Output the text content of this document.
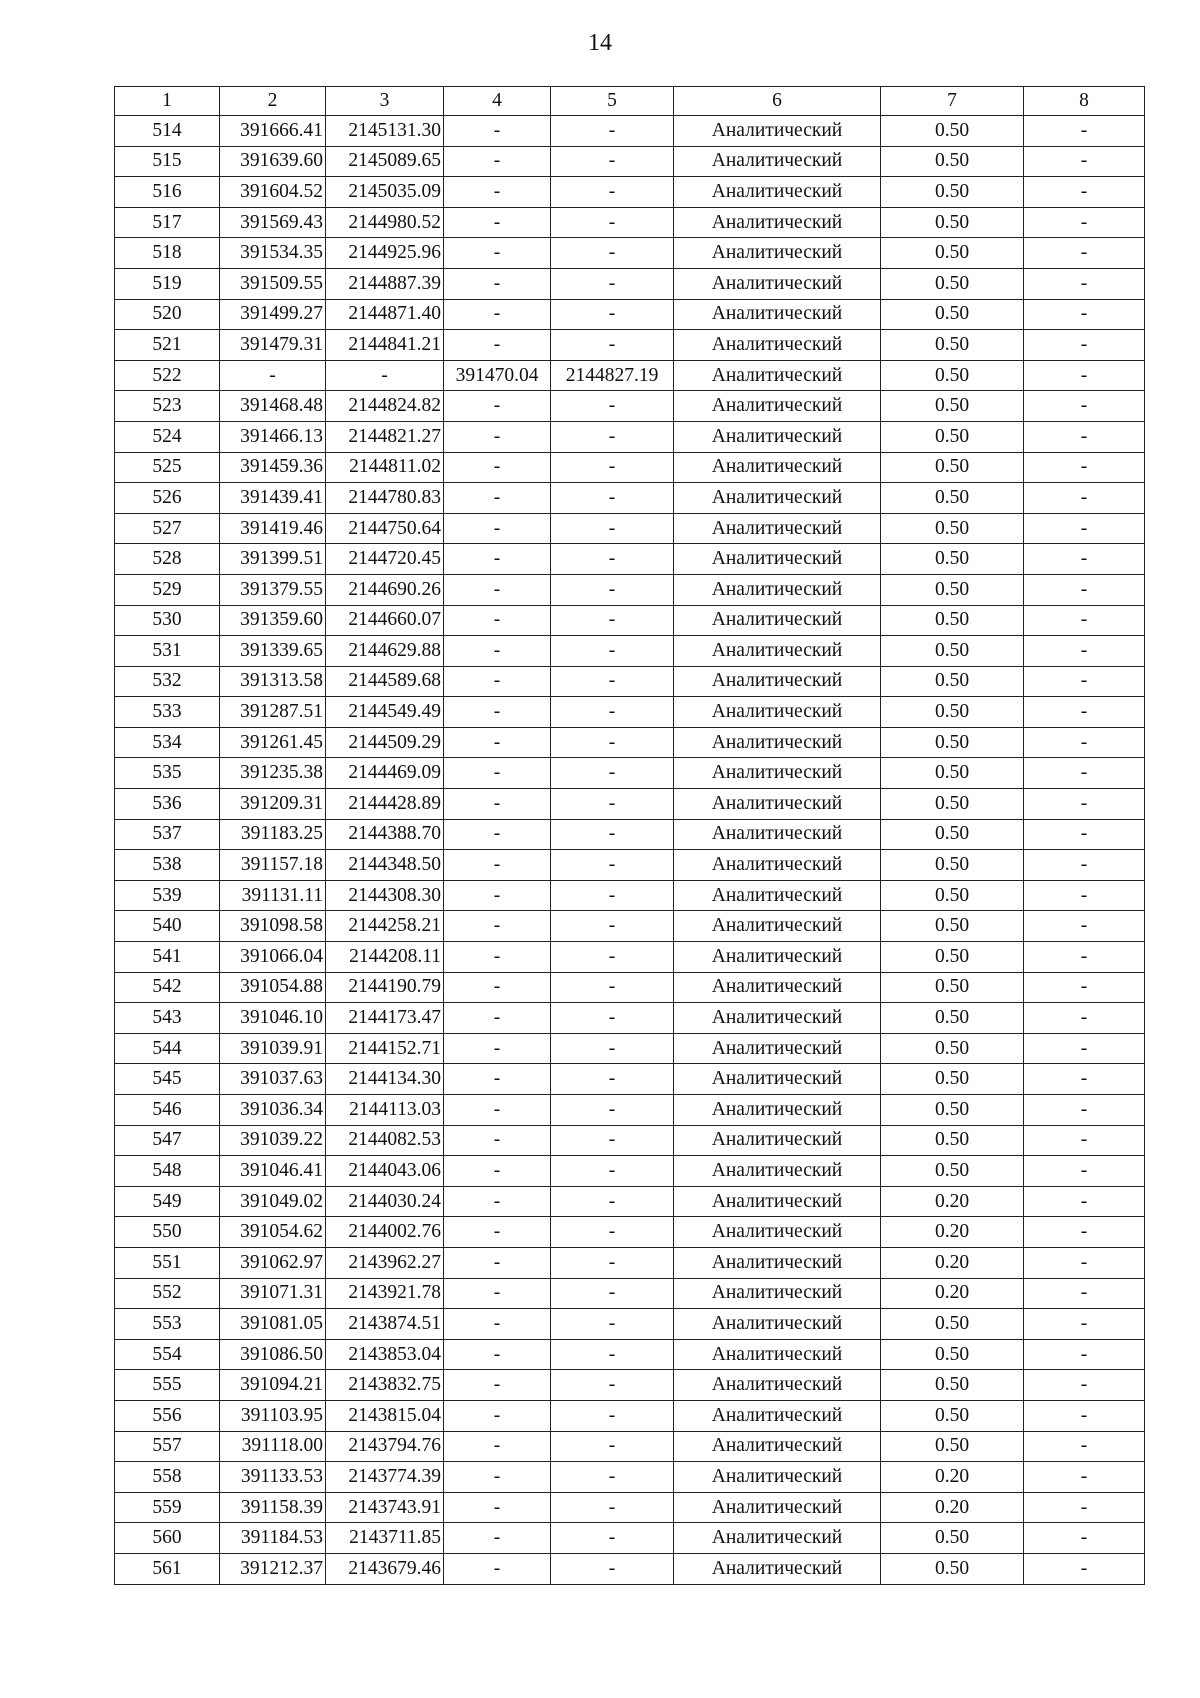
14
1	2	3	4	5	6	7	8
514	391666.41	2145131.30	-	-	Аналитический	0.50	-
515	391639.60	2145089.65	-	-	Аналитический	0.50	-
516	391604.52	2145035.09	-	-	Аналитический	0.50	-
517	391569.43	2144980.52	-	-	Аналитический	0.50	-
518	391534.35	2144925.96	-	-	Аналитический	0.50	-
519	391509.55	2144887.39	-	-	Аналитический	0.50	-
520	391499.27	2144871.40	-	-	Аналитический	0.50	-
521	391479.31	2144841.21	-	-	Аналитический	0.50	-
522	-	-	391470.04	2144827.19	Аналитический	0.50	-
523	391468.48	2144824.82	-	-	Аналитический	0.50	-
524	391466.13	2144821.27	-	-	Аналитический	0.50	-
525	391459.36	2144811.02	-	-	Аналитический	0.50	-
526	391439.41	2144780.83	-	-	Аналитический	0.50	-
527	391419.46	2144750.64	-	-	Аналитический	0.50	-
528	391399.51	2144720.45	-	-	Аналитический	0.50	-
529	391379.55	2144690.26	-	-	Аналитический	0.50	-
530	391359.60	2144660.07	-	-	Аналитический	0.50	-
531	391339.65	2144629.88	-	-	Аналитический	0.50	-
532	391313.58	2144589.68	-	-	Аналитический	0.50	-
533	391287.51	2144549.49	-	-	Аналитический	0.50	-
534	391261.45	2144509.29	-	-	Аналитический	0.50	-
535	391235.38	2144469.09	-	-	Аналитический	0.50	-
536	391209.31	2144428.89	-	-	Аналитический	0.50	-
537	391183.25	2144388.70	-	-	Аналитический	0.50	-
538	391157.18	2144348.50	-	-	Аналитический	0.50	-
539	391131.11	2144308.30	-	-	Аналитический	0.50	-
540	391098.58	2144258.21	-	-	Аналитический	0.50	-
541	391066.04	2144208.11	-	-	Аналитический	0.50	-
542	391054.88	2144190.79	-	-	Аналитический	0.50	-
543	391046.10	2144173.47	-	-	Аналитический	0.50	-
544	391039.91	2144152.71	-	-	Аналитический	0.50	-
545	391037.63	2144134.30	-	-	Аналитический	0.50	-
546	391036.34	2144113.03	-	-	Аналитический	0.50	-
547	391039.22	2144082.53	-	-	Аналитический	0.50	-
548	391046.41	2144043.06	-	-	Аналитический	0.50	-
549	391049.02	2144030.24	-	-	Аналитический	0.20	-
550	391054.62	2144002.76	-	-	Аналитический	0.20	-
551	391062.97	2143962.27	-	-	Аналитический	0.20	-
552	391071.31	2143921.78	-	-	Аналитический	0.20	-
553	391081.05	2143874.51	-	-	Аналитический	0.50	-
554	391086.50	2143853.04	-	-	Аналитический	0.50	-
555	391094.21	2143832.75	-	-	Аналитический	0.50	-
556	391103.95	2143815.04	-	-	Аналитический	0.50	-
557	391118.00	2143794.76	-	-	Аналитический	0.50	-
558	391133.53	2143774.39	-	-	Аналитический	0.20	-
559	391158.39	2143743.91	-	-	Аналитический	0.20	-
560	391184.53	2143711.85	-	-	Аналитический	0.50	-
561	391212.37	2143679.46	-	-	Аналитический	0.50	-
